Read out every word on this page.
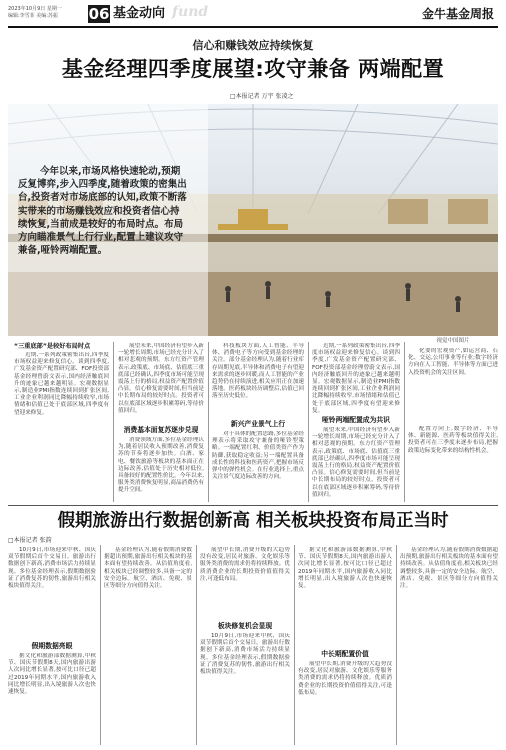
2023年10月9日 星期一
编辑:李雪菲 美编:苏振 06 基金动向 fund	金牛基金周报
信心和赚钱效应持续恢复
基金经理四季度展望:攻守兼备 两端配置
□本报记者 万宇 张凌之
今年以来,市场风格快速轮动,预期反复博弈,步入四季度,随着政策的密集出台,投资者对市场底部的认知,政策不断落实带来的市场赚钱效应和投资者信心持续恢复,当前成是较好的布局时点。布局方向瞄准景气上行行业,配置上建议攻守兼备,哑铃两端配置。
“三重底部”是较好布局时点
近期,一系列政策密集出台,四季度市场权益迎来修复信心。谈到四季度,广发基金资产配置研究部、FOF投资部基金经理曾蔚文表示,国内经济触底回升的迹象已越来越明显。宏观数据显示,制造业PMI指数连续回到扩张区间,工业企业利润同比降幅持续收窄,市场情绪和估值已处于底部区域,四季度有望迎来修复。
展望未来,中国经济有望步入新一轮增长周期,市场已经充分计入了相对悲观的预期。东方红资产管理表示,政策底、市场底、估值底三重底部已经确认,四季度市场可能呈现震荡上行的格局,权益资产配置价值凸显。信心修复需要时间,但当前是中长期布局的较好时点。投资者可以在底部区域逐步积累筹码,等待价值回归。
消费基本面复苏逐步兑现
消费领域方面,多位基金经理认为,随着居民收入预期改善,消费复苏的节奏将逐步加快。白酒、家电、餐饮旅游等板块的基本面正在边际改善,估值处于历史相对低位,具备较好的配置性价比。今年以来,服务类消费恢复明显,商品消费仍有提升空间。
科技板块方面,人工智能、半导体、消费电子等方向受到基金经理的关注。部分基金经理认为,随着行业库存周期见底,半导体和消费电子有望迎来需求的逐步回暖,而人工智能的产业趋势仍在持续演进,相关应用正在加速落地。医药板块经历调整后,估值已回落至历史低位。
新兴产业景气上行
对于具体的配置思路,多位基金经理表示将采取攻守兼备的哑铃型策略。一端配置红利、价值类资产作为防御,获取稳定收益;另一端配置具备成长性的科技和医药资产,把握市场反弹中的弹性机会。在行业选择上,重点关注景气度边际改善的方向。
近期,一系列政策密集出台,四季度市场权益迎来修复信心。谈到四季度,广发基金资产配置研究部、FOF投资部基金经理曾蔚文表示,国内经济触底回升的迹象已越来越明显。宏观数据显示,制造业PMI指数连续回到扩张区间,工业企业利润同比降幅持续收窄,市场情绪和估值已处于底部区域,四季度有望迎来修复。
哑铃两端配置成为共识
展望未来,中国经济有望步入新一轮增长周期,市场已经充分计入了相对悲观的预期。东方红资产管理表示,政策底、市场底、估值底三重底部已经确认,四季度市场可能呈现震荡上行的格局,权益资产配置价值凸显。信心修复需要时间,但当前是中长期布局的较好时点。投资者可以在底部区域逐步积累筹码,等待价值回归。
视觉中国图片
化要的宏观资产,如运营商、石化、交运,公用事业等行业;数字经济方向在人工智能、半导体等方面已进入投资机会的关注区间。
配置方向上,数字经济、半导体、新能源、医药等板块值得关注,投资者可在三季度末逐步布局,把握政策边际变化带来的结构性机会。
假期旅游出行数据创新高 相关板块投资布局正当时
□本报记者 张韵
10月9日,市场迎来中秋、国庆双节假期后首个交易日。旅游出行数据创下新高,消费市场活力持续显现。多位基金经理表示,假期数据验证了消费复苏的韧性,旅游出行相关板块值得关注。
假期数据亮眼
据文化和旅游部数据测算,中秋节、国庆节假期8天,国内旅游出游人次同比增长显著,按可比口径已超过2019年同期水平,国内旅游收入同比增长明显,出入境旅游人次也快速恢复。
基金经理认为,随着假期消费数据超出预期,旅游出行相关板块的基本面有望持续改善。从估值角度看,相关板块已经调整较多,具备一定的安全边际。航空、酒店、免税、景区等细分方向值得关注。
展望中长期,消费升级的大趋势没有改变,居民对旅游、文化娱乐等服务类消费的需求仍将持续释放。优质消费企业的长期投资价值值得关注,可逢低布局。
板块修复机会显现
10月9日,市场迎来中秋、国庆双节假期后首个交易日。旅游出行数据创下新高,消费市场活力持续显现。多位基金经理表示,假期数据验证了消费复苏的韧性,旅游出行相关板块值得关注。
据文化和旅游部数据测算,中秋节、国庆节假期8天,国内旅游出游人次同比增长显著,按可比口径已超过2019年同期水平,国内旅游收入同比增长明显,出入境旅游人次也快速恢复。
中长期配置价值
展望中长期,消费升级的大趋势没有改变,居民对旅游、文化娱乐等服务类消费的需求仍将持续释放。优质消费企业的长期投资价值值得关注,可逢低布局。
基金经理认为,随着假期消费数据超出预期,旅游出行相关板块的基本面有望持续改善。从估值角度看,相关板块已经调整较多,具备一定的安全边际。航空、酒店、免税、景区等细分方向值得关注。
